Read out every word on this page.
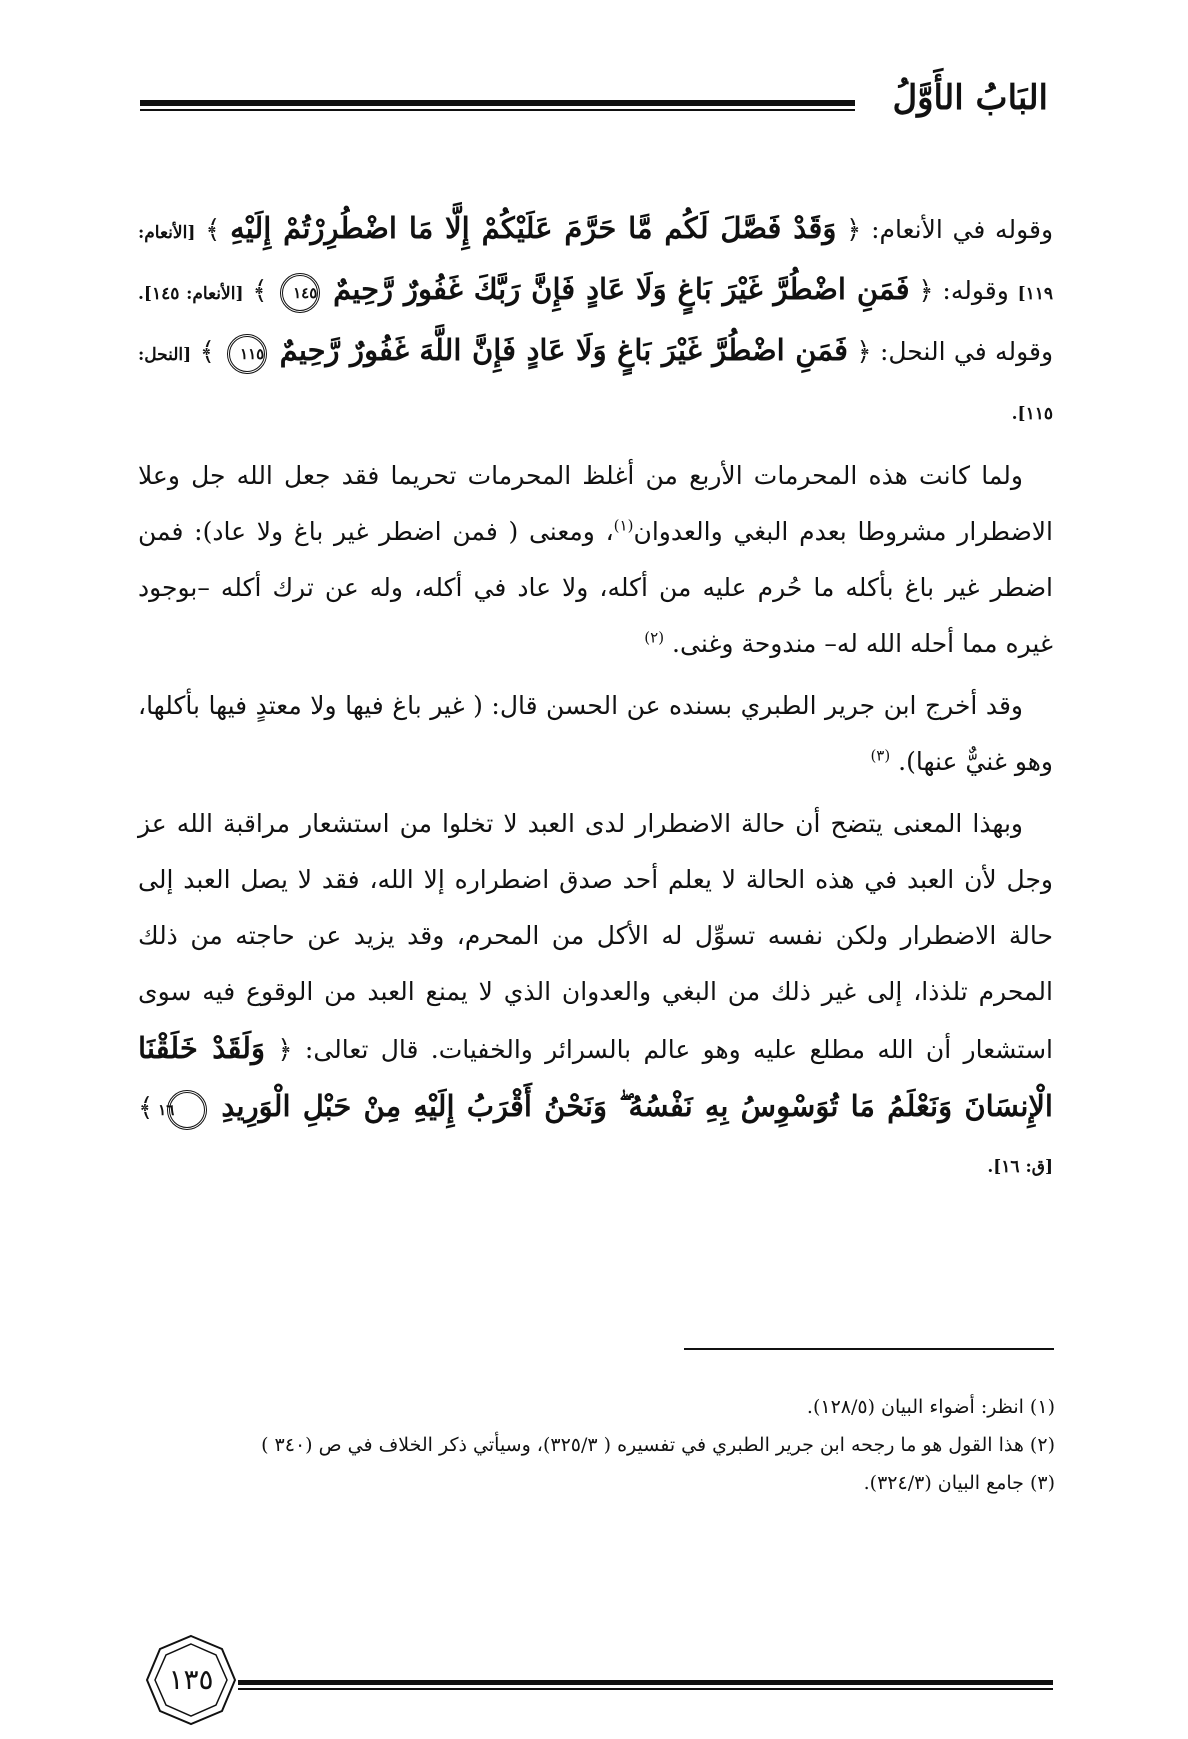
البَابُ الأَوَّلُ

وقوله في الأنعام: ﴿ وَقَدْ فَصَّلَ لَكُم مَّا حَرَّمَ عَلَيْكُمْ إِلَّا مَا اضْطُرِرْتُمْ إِلَيْهِ ﴾ [الأنعام: ١١٩] وقوله: ﴿ فَمَنِ اضْطُرَّ غَيْرَ بَاغٍ وَلَا عَادٍ فَإِنَّ رَبَّكَ غَفُورٌ رَّحِيمٌ ١٤٥ ﴾ [الأنعام: ١٤٥]. وقوله في النحل: ﴿ فَمَنِ اضْطُرَّ غَيْرَ بَاغٍ وَلَا عَادٍ فَإِنَّ اللَّهَ غَفُورٌ رَّحِيمٌ ١١٥ ﴾ [النحل: ١١٥].

ولما كانت هذه المحرمات الأربع من أغلظ المحرمات تحريما فقد جعل الله جل وعلا الاضطرار مشروطا بعدم البغي والعدوان$^{(١)}$، ومعنى ( فمن اضطر غير باغ ولا عاد): فمن اضطر غير باغ بأكله ما حُرم عليه من أكله، ولا عاد في أكله، وله عن ترك أكله –بوجود غيره مما أحله الله له– مندوحة وغنى. $^{(٢)}$

وقد أخرج ابن جرير الطبري بسنده عن الحسن قال: ( غير باغ فيها ولا معتدٍ فيها بأكلها، وهو غنيٌّ عنها). $^{(٣)}$

وبهذا المعنى يتضح أن حالة الاضطرار لدى العبد لا تخلوا من استشعار مراقبة الله عز وجل لأن العبد في هذه الحالة لا يعلم أحد صدق اضطراره إلا الله، فقد لا يصل العبد إلى حالة الاضطرار ولكن نفسه تسوِّل له الأكل من المحرم، وقد يزيد عن حاجته من ذلك المحرم تلذذا، إلى غير ذلك من البغي والعدوان الذي لا يمنع العبد من الوقوع فيه سوى استشعار أن الله مطلع عليه وهو عالم بالسرائر والخفيات. قال تعالى: ﴿ وَلَقَدْ خَلَقْنَا الْإِنسَانَ وَنَعْلَمُ مَا تُوَسْوِسُ بِهِ نَفْسُهُ ۖ وَنَحْنُ أَقْرَبُ إِلَيْهِ مِنْ حَبْلِ الْوَرِيدِ ١٦ ﴾ [ق: ١٦].

(١) انظر: أضواء البيان (١٢٨/٥).

(٢) هذا القول هو ما رجحه ابن جرير الطبري في تفسيره ( ٣٢٥/٣)، وسيأتي ذكر الخلاف في ص (٣٤٠ )

(٣) جامع البيان (٣٢٤/٣).

١٣٥
